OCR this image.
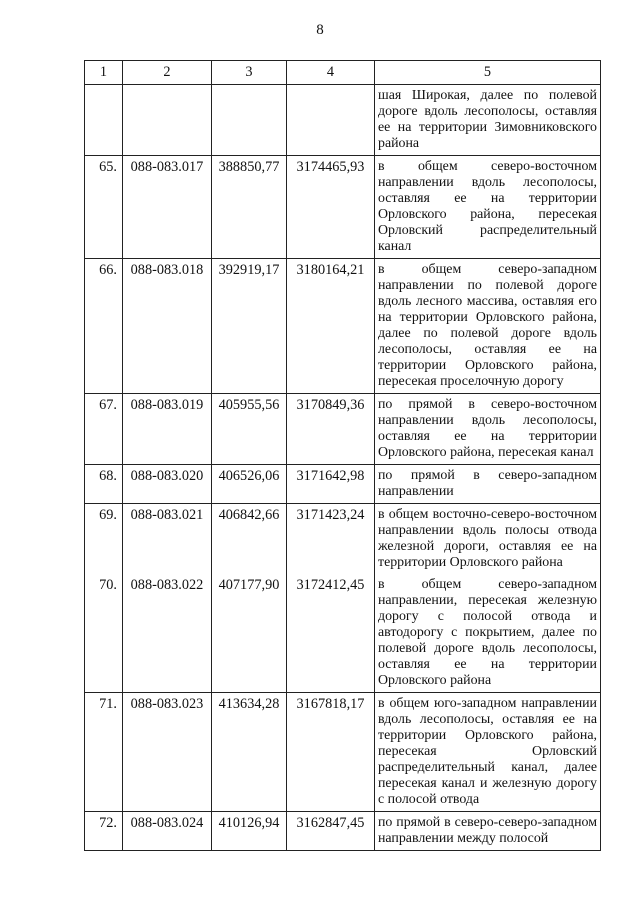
8
1	2	3	4	5
				шая Широкая, далее по полевой дороге вдоль лесополосы, оставляя ее на территории Зимовниковского района
65.	088-083.017	388850,77	3174465,93	в общем северо-восточном направлении вдоль лесополосы, оставляя ее на территории Орловского района, пересекая Орловский распределительный канал
66.	088-083.018	392919,17	3180164,21	в общем северо-западном направлении по полевой дороге вдоль лесного массива, оставляя его на территории Орловского района, далее по полевой дороге вдоль лесополосы, оставляя ее на территории Орловского района, пересекая проселочную дорогу
67.	088-083.019	405955,56	3170849,36	по прямой в северо-восточном направлении вдоль лесополосы, оставляя ее на территории Орловского района, пересекая канал
68.	088-083.020	406526,06	3171642,98	по прямой в северо-западном направлении
69.	088-083.021	406842,66	3171423,24	в общем восточно-северо-восточном направлении вдоль полосы отвода железной дороги, оставляя ее на территории Орловского района
70.	088-083.022	407177,90	3172412,45	в общем северо-западном направлении, пересекая железную дорогу с полосой отвода и автодорогу с покрытием, далее по полевой дороге вдоль лесополосы, оставляя ее на территории Орловского района
71.	088-083.023	413634,28	3167818,17	в общем юго-западном направлении вдоль лесополосы, оставляя ее на территории Орловского района, пересекая Орловский распределительный канал, далее пересекая канал и железную дорогу с полосой отвода
72.	088-083.024	410126,94	3162847,45	по прямой в северо-северо-западном направлении между полосой
